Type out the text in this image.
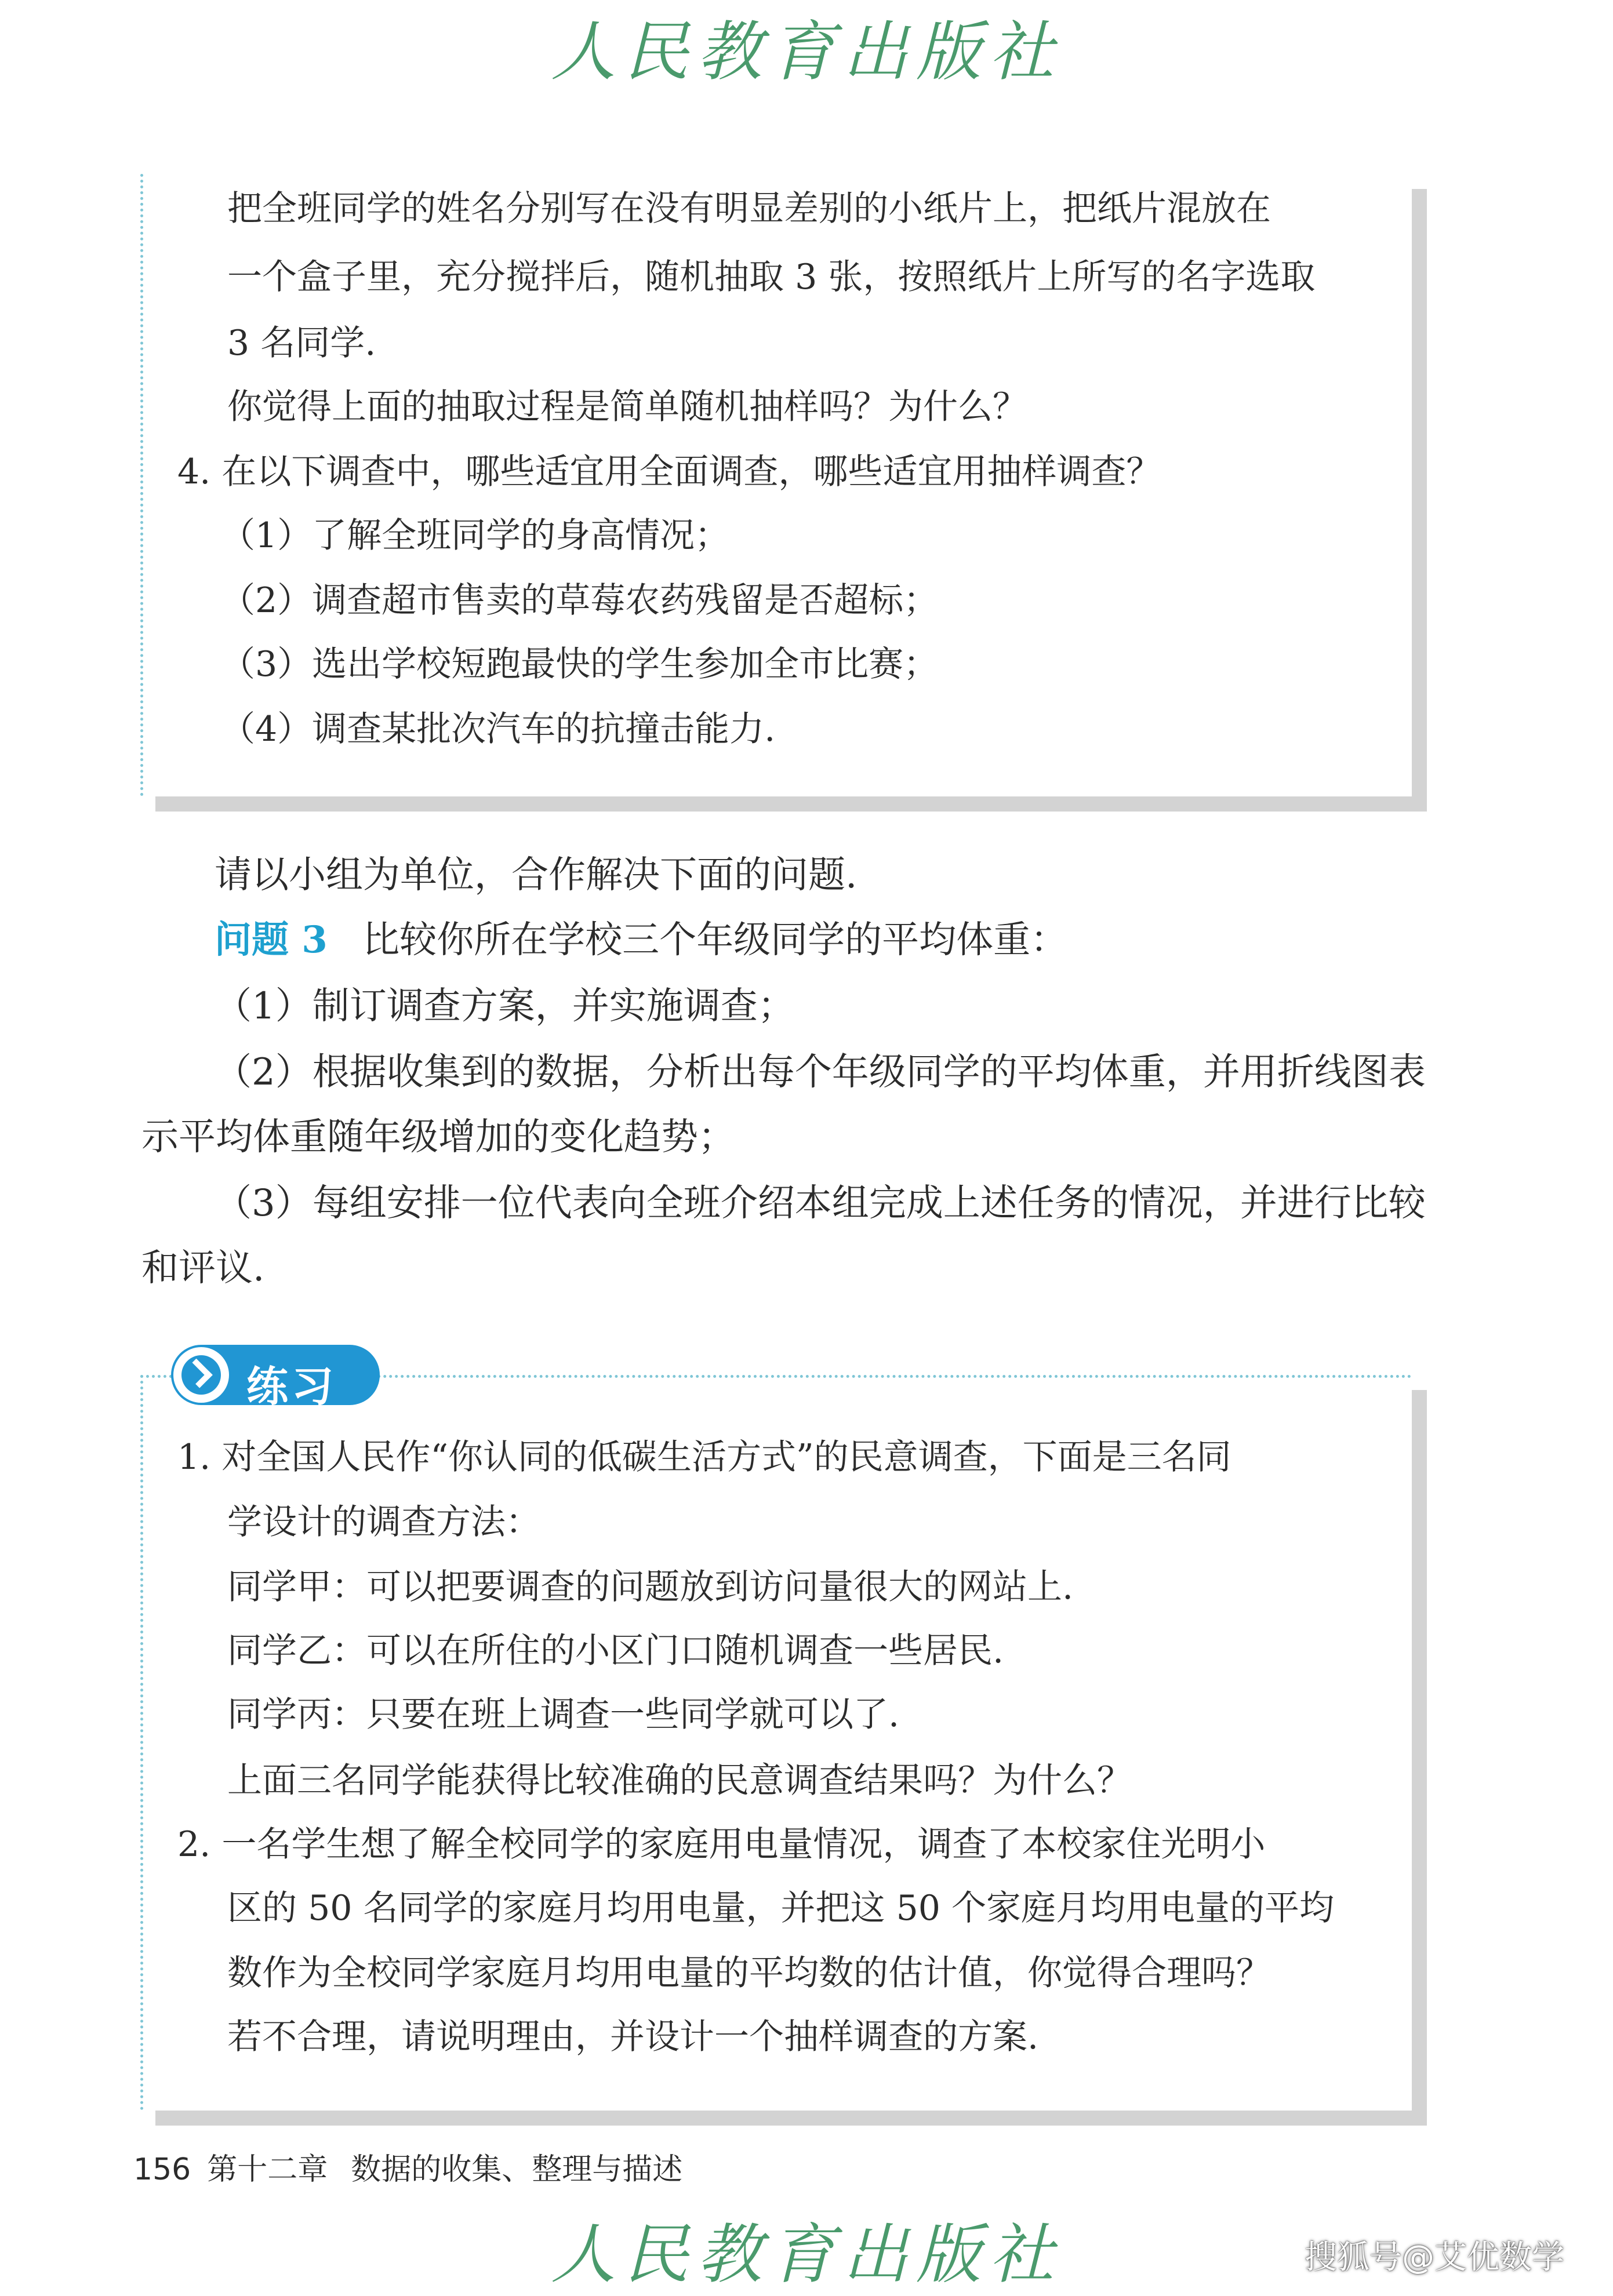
人民教育出版社
把全班同学的姓名分别写在没有明显差别的小纸片上，把纸片混放在
一个盒子里，充分搅拌后，随机抽取 3 张，按照纸片上所写的名字选取
3 名同学.
你觉得上面的抽取过程是简单随机抽样吗？为什么？
4. 在以下调查中，哪些适宜用全面调查，哪些适宜用抽样调查？
（1）了解全班同学的身高情况；
（2）调查超市售卖的草莓农药残留是否超标；
（3）选出学校短跑最快的学生参加全市比赛；
（4）调查某批次汽车的抗撞击能力.
请以小组为单位，合作解决下面的问题.
问题 3 比较你所在学校三个年级同学的平均体重：
（1）制订调查方案，并实施调查；
（2）根据收集到的数据，分析出每个年级同学的平均体重，并用折线图表
示平均体重随年级增加的变化趋势；
（3）每组安排一位代表向全班介绍本组完成上述任务的情况，并进行比较
和评议.
练习
1. 对全国人民作“你认同的低碳生活方式”的民意调查，下面是三名同
学设计的调查方法：
同学甲：可以把要调查的问题放到访问量很大的网站上.
同学乙：可以在所住的小区门口随机调查一些居民.
同学丙：只要在班上调查一些同学就可以了.
上面三名同学能获得比较准确的民意调查结果吗？为什么？
2. 一名学生想了解全校同学的家庭用电量情况，调查了本校家住光明小
区的 50 名同学的家庭月均用电量，并把这 50 个家庭月均用电量的平均
数作为全校同学家庭月均用电量的平均数的估计值，你觉得合理吗？
若不合理，请说明理由，并设计一个抽样调查的方案.
156 第十二章 数据的收集、整理与描述
人民教育出版社	搜狐号@艾优数学
